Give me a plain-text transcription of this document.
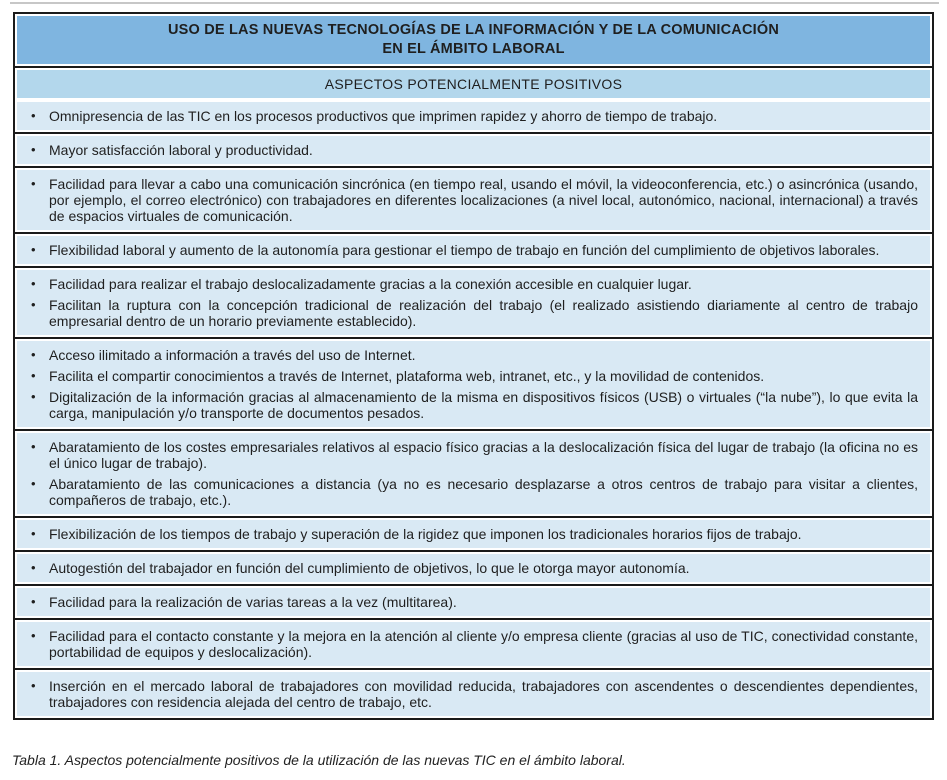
USO DE LAS NUEVAS TECNOLOGÍAS DE LA INFORMACIÓN Y DE LA COMUNICACIÓN
EN EL ÁMBITO LABORAL
ASPECTOS POTENCIALMENTE POSITIVOS
• Omnipresencia de las TIC en los procesos productivos que imprimen rapidez y ahorro de tiempo de trabajo.
• Mayor satisfacción laboral y productividad.
• Facilidad para llevar a cabo una comunicación sincrónica (en tiempo real, usando el móvil, la videoconferencia, etc.) o asincrónica (usando, por ejemplo, el correo electrónico) con trabajadores en diferentes localizaciones (a nivel local, autonómico, nacional, internacional) a través de espacios virtuales de comunicación.
• Flexibilidad laboral y aumento de la autonomía para gestionar el tiempo de trabajo en función del cumplimiento de objetivos laborales.
• Facilidad para realizar el trabajo deslocalizadamente gracias a la conexión accesible en cualquier lugar.
• Facilitan la ruptura con la concepción tradicional de realización del trabajo (el realizado asistiendo diariamente al centro de trabajo empresarial dentro de un horario previamente establecido).
• Acceso ilimitado a información a través del uso de Internet.
• Facilita el compartir conocimientos a través de Internet, plataforma web, intranet, etc., y la movilidad de contenidos.
• Digitalización de la información gracias al almacenamiento de la misma en dispositivos físicos (USB) o virtuales (“la nube”), lo que evita la carga, manipulación y/o transporte de documentos pesados.
• Abaratamiento de los costes empresariales relativos al espacio físico gracias a la deslocalización física del lugar de trabajo (la oficina no es el único lugar de trabajo).
• Abaratamiento de las comunicaciones a distancia (ya no es necesario desplazarse a otros centros de trabajo para visitar a clientes, compañeros de trabajo, etc.).
• Flexibilización de los tiempos de trabajo y superación de la rigidez que imponen los tradicionales horarios fijos de trabajo.
• Autogestión del trabajador en función del cumplimiento de objetivos, lo que le otorga mayor autonomía.
• Facilidad para la realización de varias tareas a la vez (multitarea).
• Facilidad para el contacto constante y la mejora en la atención al cliente y/o empresa cliente (gracias al uso de TIC, conectividad constante, portabilidad de equipos y deslocalización).
• Inserción en el mercado laboral de trabajadores con movilidad reducida, trabajadores con ascendentes o descendientes dependientes, trabajadores con residencia alejada del centro de trabajo, etc.
Tabla 1. Aspectos potencialmente positivos de la utilización de las nuevas TIC en el ámbito laboral.
